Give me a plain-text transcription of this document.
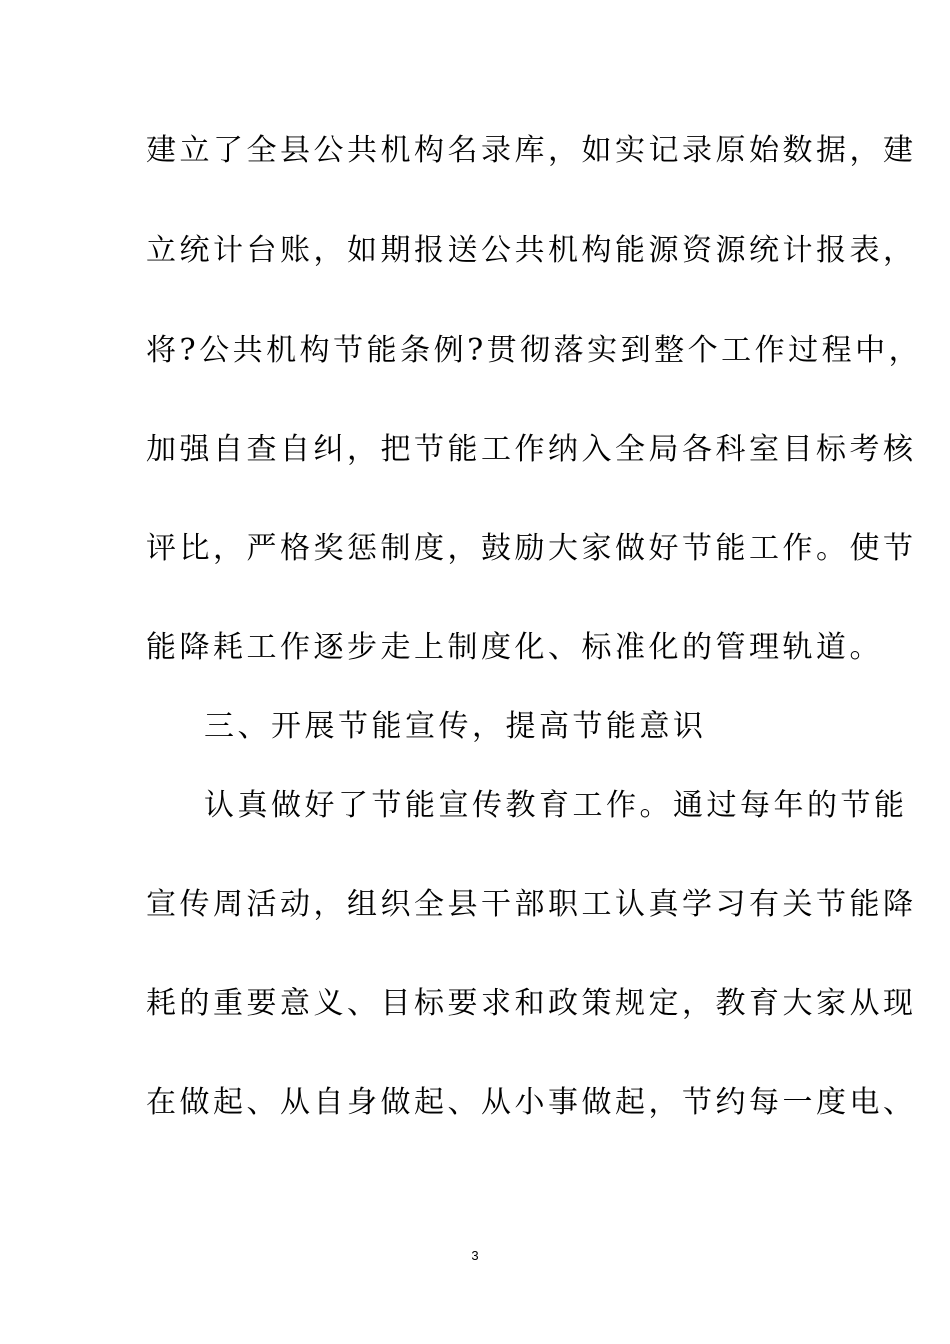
建立了全县公共机构名录库，如实记录原始数据，建
立统计台账，如期报送公共机构能源资源统计报表，
将?公共机构节能条例?贯彻落实到整个工作过程中，
加强自查自纠，把节能工作纳入全局各科室目标考核
评比，严格奖惩制度，鼓励大家做好节能工作。使节
能降耗工作逐步走上制度化、标准化的管理轨道。
三、开展节能宣传，提高节能意识
认真做好了节能宣传教育工作。通过每年的节能
宣传周活动，组织全县干部职工认真学习有关节能降
耗的重要意义、目标要求和政策规定，教育大家从现
在做起、从自身做起、从小事做起，节约每一度电、
3
